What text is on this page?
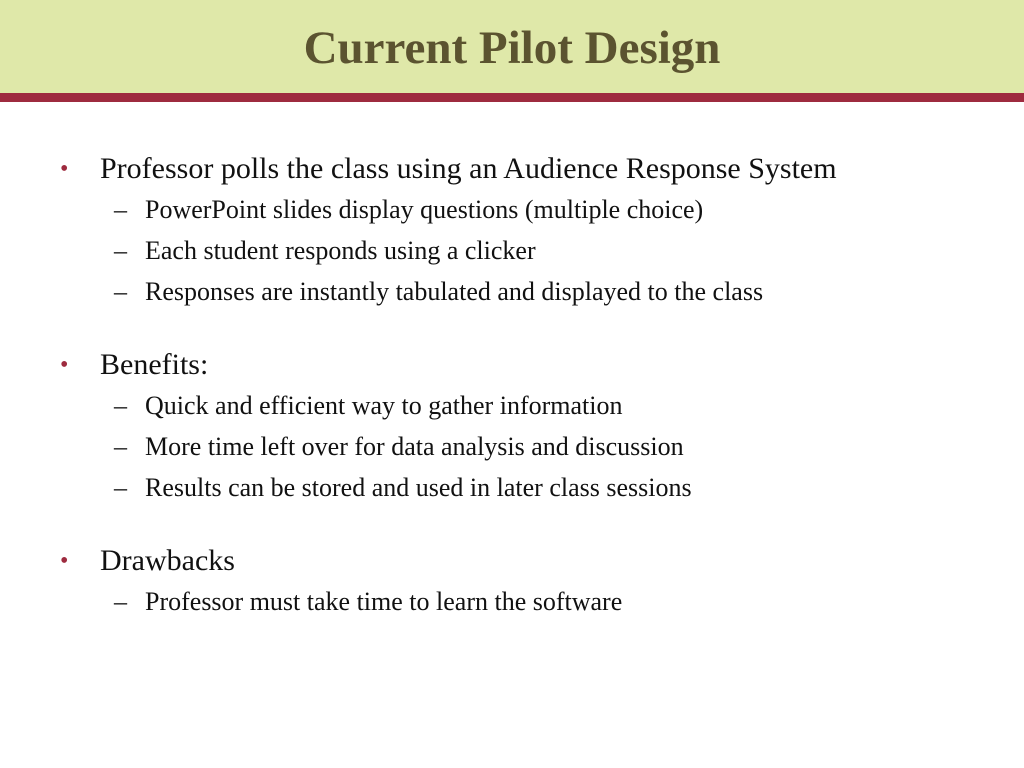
Current Pilot Design
• Professor polls the class using an Audience Response System
– PowerPoint slides display questions (multiple choice)
– Each student responds using a clicker
– Responses are instantly tabulated and displayed to the class
• Benefits:
– Quick and efficient way to gather information
– More time left over for data analysis and discussion
– Results can be stored and used in later class sessions
• Drawbacks
– Professor must take time to learn the software
